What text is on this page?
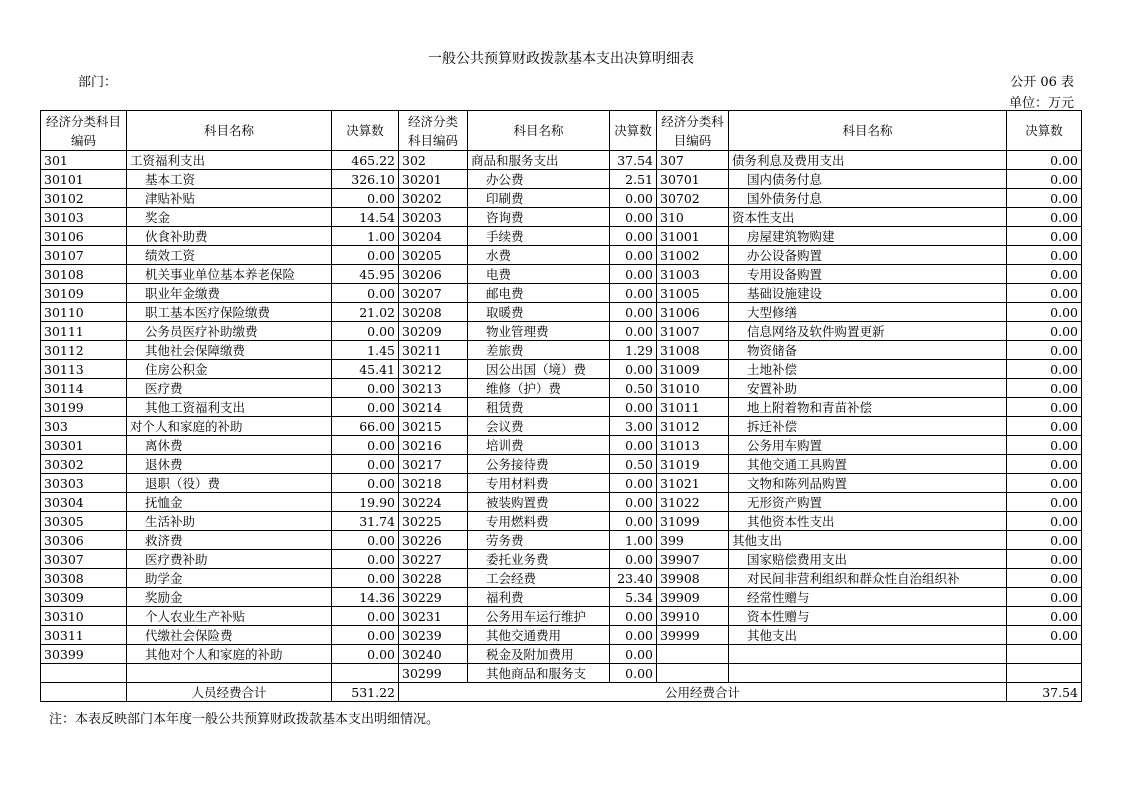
一般公共预算财政拨款基本支出决算明细表
部门：	公开 06 表
单位：万元
经济分类科目编码	科目名称	决算数	经济分类科目编码	科目名称	决算数	经济分类科目编码	科目名称	决算数
301	工资福利支出	465.22	302	商品和服务支出	37.54	307	债务利息及费用支出	0.00
30101	基本工资	326.10	30201	办公费	2.51	30701	国内债务付息	0.00
30102	津贴补贴	0.00	30202	印刷费	0.00	30702	国外债务付息	0.00
30103	奖金	14.54	30203	咨询费	0.00	310	资本性支出	0.00
30106	伙食补助费	1.00	30204	手续费	0.00	31001	房屋建筑物购建	0.00
30107	绩效工资	0.00	30205	水费	0.00	31002	办公设备购置	0.00
30108	机关事业单位基本养老保险	45.95	30206	电费	0.00	31003	专用设备购置	0.00
30109	职业年金缴费	0.00	30207	邮电费	0.00	31005	基础设施建设	0.00
30110	职工基本医疗保险缴费	21.02	30208	取暖费	0.00	31006	大型修缮	0.00
30111	公务员医疗补助缴费	0.00	30209	物业管理费	0.00	31007	信息网络及软件购置更新	0.00
30112	其他社会保障缴费	1.45	30211	差旅费	1.29	31008	物资储备	0.00
30113	住房公积金	45.41	30212	因公出国（境）费	0.00	31009	土地补偿	0.00
30114	医疗费	0.00	30213	维修（护）费	0.50	31010	安置补助	0.00
30199	其他工资福利支出	0.00	30214	租赁费	0.00	31011	地上附着物和青苗补偿	0.00
303	对个人和家庭的补助	66.00	30215	会议费	3.00	31012	拆迁补偿	0.00
30301	离休费	0.00	30216	培训费	0.00	31013	公务用车购置	0.00
30302	退休费	0.00	30217	公务接待费	0.50	31019	其他交通工具购置	0.00
30303	退职（役）费	0.00	30218	专用材料费	0.00	31021	文物和陈列品购置	0.00
30304	抚恤金	19.90	30224	被装购置费	0.00	31022	无形资产购置	0.00
30305	生活补助	31.74	30225	专用燃料费	0.00	31099	其他资本性支出	0.00
30306	救济费	0.00	30226	劳务费	1.00	399	其他支出	0.00
30307	医疗费补助	0.00	30227	委托业务费	0.00	39907	国家赔偿费用支出	0.00
30308	助学金	0.00	30228	工会经费	23.40	39908	对民间非营利组织和群众性自治组织补	0.00
30309	奖励金	14.36	30229	福利费	5.34	39909	经常性赠与	0.00
30310	个人农业生产补贴	0.00	30231	公务用车运行维护	0.00	39910	资本性赠与	0.00
30311	代缴社会保险费	0.00	30239	其他交通费用	0.00	39999	其他支出	0.00
30399	其他对个人和家庭的补助	0.00	30240	税金及附加费用	0.00			
			30299	其他商品和服务支	0.00			
	人员经费合计	531.22	公用经费合计					37.54
注：本表反映部门本年度一般公共预算财政拨款基本支出明细情况。
